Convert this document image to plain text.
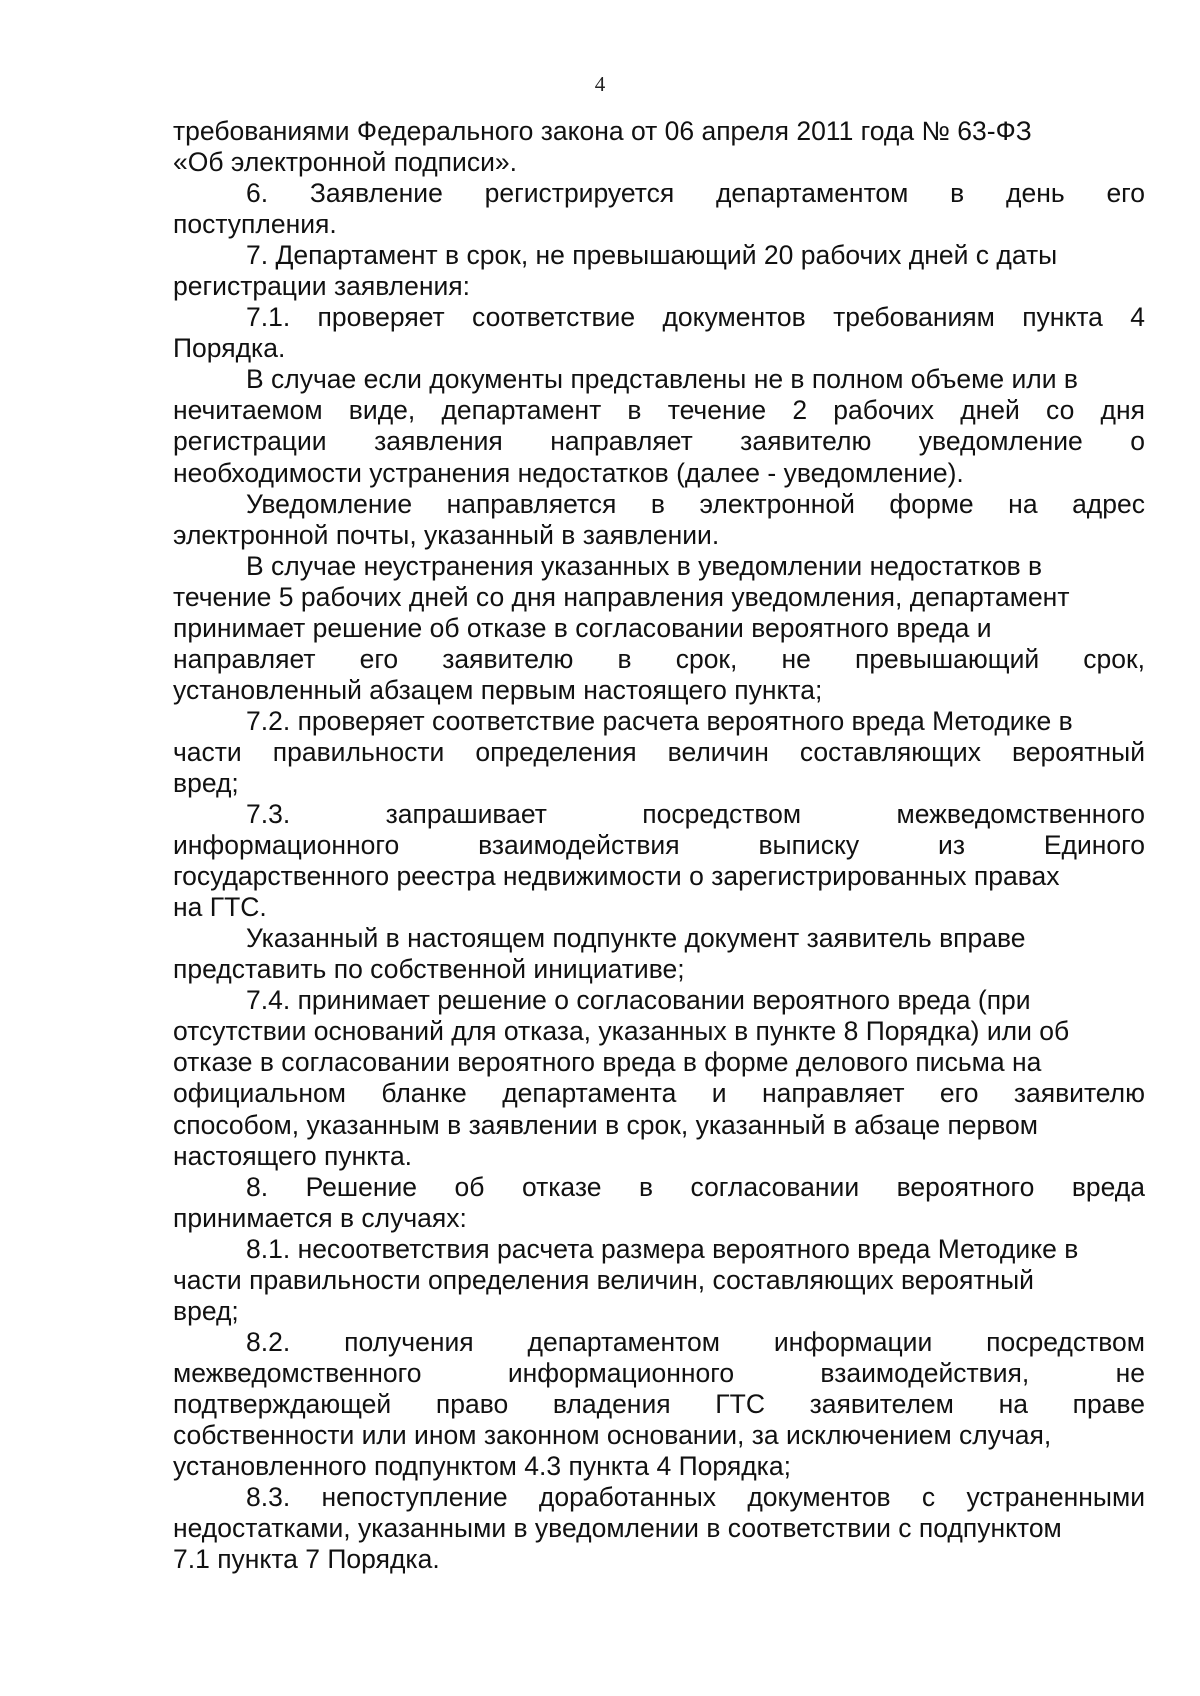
4
требованиями Федерального закона от 06 апреля 2011 года № 63-ФЗ
«Об электронной подписи».
6. Заявление регистрируется департаментом в день его
поступления.
7. Департамент в срок, не превышающий 20 рабочих дней с даты
регистрации заявления:
7.1. проверяет соответствие документов требованиям пункта 4
Порядка.
В случае если документы представлены не в полном объеме или в
нечитаемом виде, департамент в течение 2 рабочих дней со дня
регистрации заявления направляет заявителю уведомление о
необходимости устранения недостатков (далее - уведомление).
Уведомление направляется в электронной форме на адрес
электронной почты, указанный в заявлении.
В случае неустранения указанных в уведомлении недостатков в
течение 5 рабочих дней со дня направления уведомления, департамент
принимает решение об отказе в согласовании вероятного вреда и
направляет его заявителю в срок, не превышающий срок,
установленный абзацем первым настоящего пункта;
7.2. проверяет соответствие расчета вероятного вреда Методике в
части правильности определения величин составляющих вероятный
вред;
7.3. запрашивает посредством межведомственного
информационного взаимодействия выписку из Единого
государственного реестра недвижимости о зарегистрированных правах
на ГТС.
Указанный в настоящем подпункте документ заявитель вправе
представить по собственной инициативе;
7.4. принимает решение о согласовании вероятного вреда (при
отсутствии оснований для отказа, указанных в пункте 8 Порядка) или об
отказе в согласовании вероятного вреда в форме делового письма на
официальном бланке департамента и направляет его заявителю
способом, указанным в заявлении в срок, указанный в абзаце первом
настоящего пункта.
8. Решение об отказе в согласовании вероятного вреда
принимается в случаях:
8.1. несоответствия расчета размера вероятного вреда Методике в
части правильности определения величин, составляющих вероятный
вред;
8.2. получения департаментом информации посредством
межведомственного информационного взаимодействия, не
подтверждающей право владения ГТС заявителем на праве
собственности или ином законном основании, за исключением случая,
установленного подпунктом 4.3 пункта 4 Порядка;
8.3. непоступление доработанных документов с устраненными
недостатками, указанными в уведомлении в соответствии с подпунктом
7.1 пункта 7 Порядка.
